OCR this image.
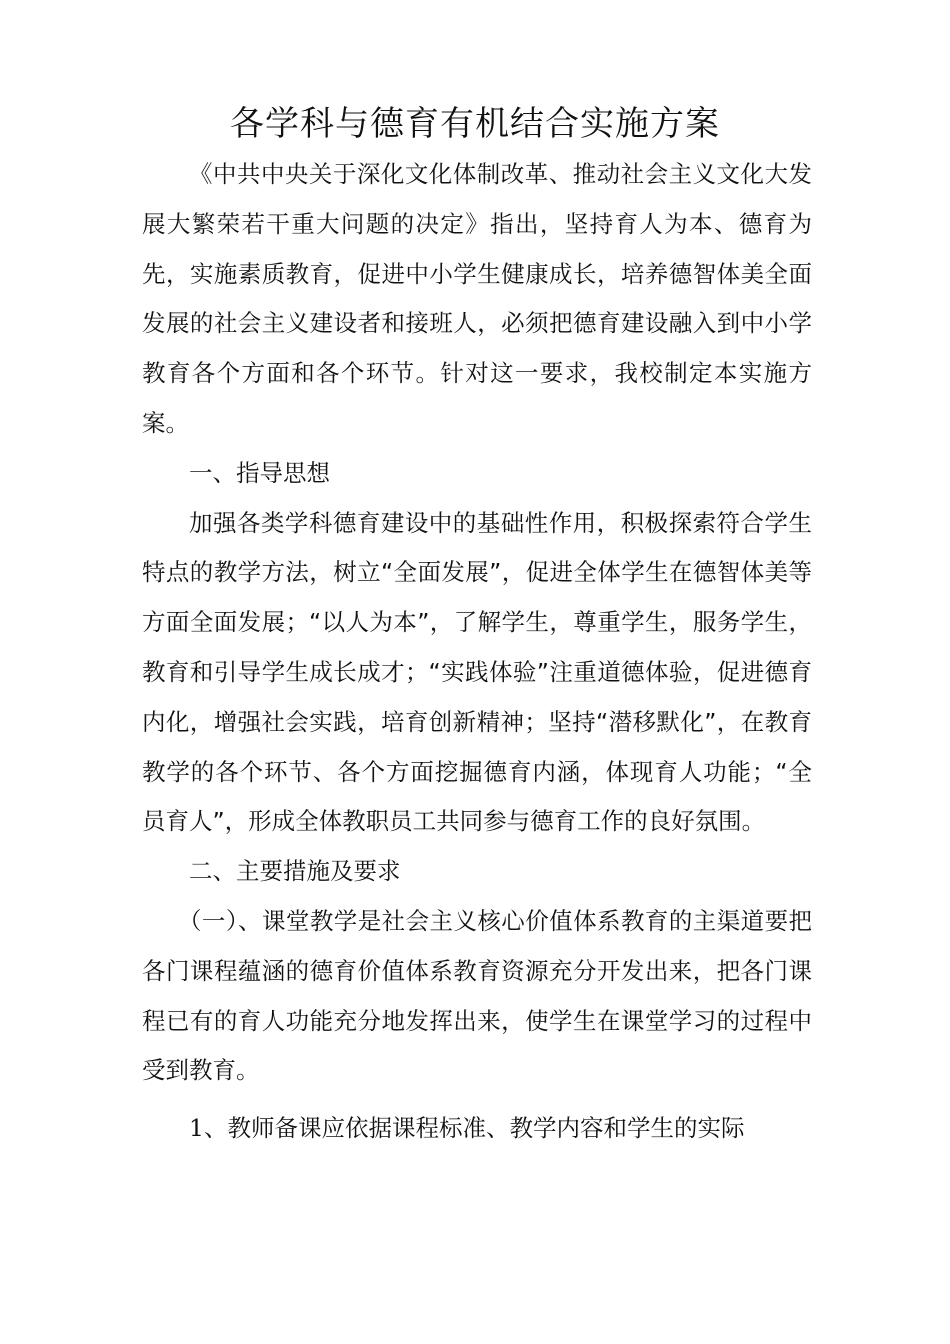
各学科与德育有机结合实施方案

《中共中央关于深化文化体制改革、推动社会主义文化大发展大繁荣若干重大问题的决定》指出，坚持育人为本、德育为先，实施素质教育，促进中小学生健康成长，培养德智体美全面发展的社会主义建设者和接班人，必须把德育建设融入到中小学教育各个方面和各个环节。针对这一要求，我校制定本实施方案。

一、指导思想

加强各类学科德育建设中的基础性作用，积极探索符合学生特点的教学方法，树立“全面发展”，促进全体学生在德智体美等方面全面发展；“以人为本”，了解学生，尊重学生，服务学生，教育和引导学生成长成才；“实践体验”注重道德体验，促进德育内化，增强社会实践，培育创新精神；坚持“潜移默化”，在教育教学的各个环节、各个方面挖掘德育内涵，体现育人功能；“全员育人”，形成全体教职员工共同参与德育工作的良好氛围。

二、主要措施及要求

（一）、课堂教学是社会主义核心价值体系教育的主渠道要把各门课程蕴涵的德育价值体系教育资源充分开发出来，把各门课程已有的育人功能充分地发挥出来，使学生在课堂学习的过程中受到教育。

1、教师备课应依据课程标准、教学内容和学生的实际
